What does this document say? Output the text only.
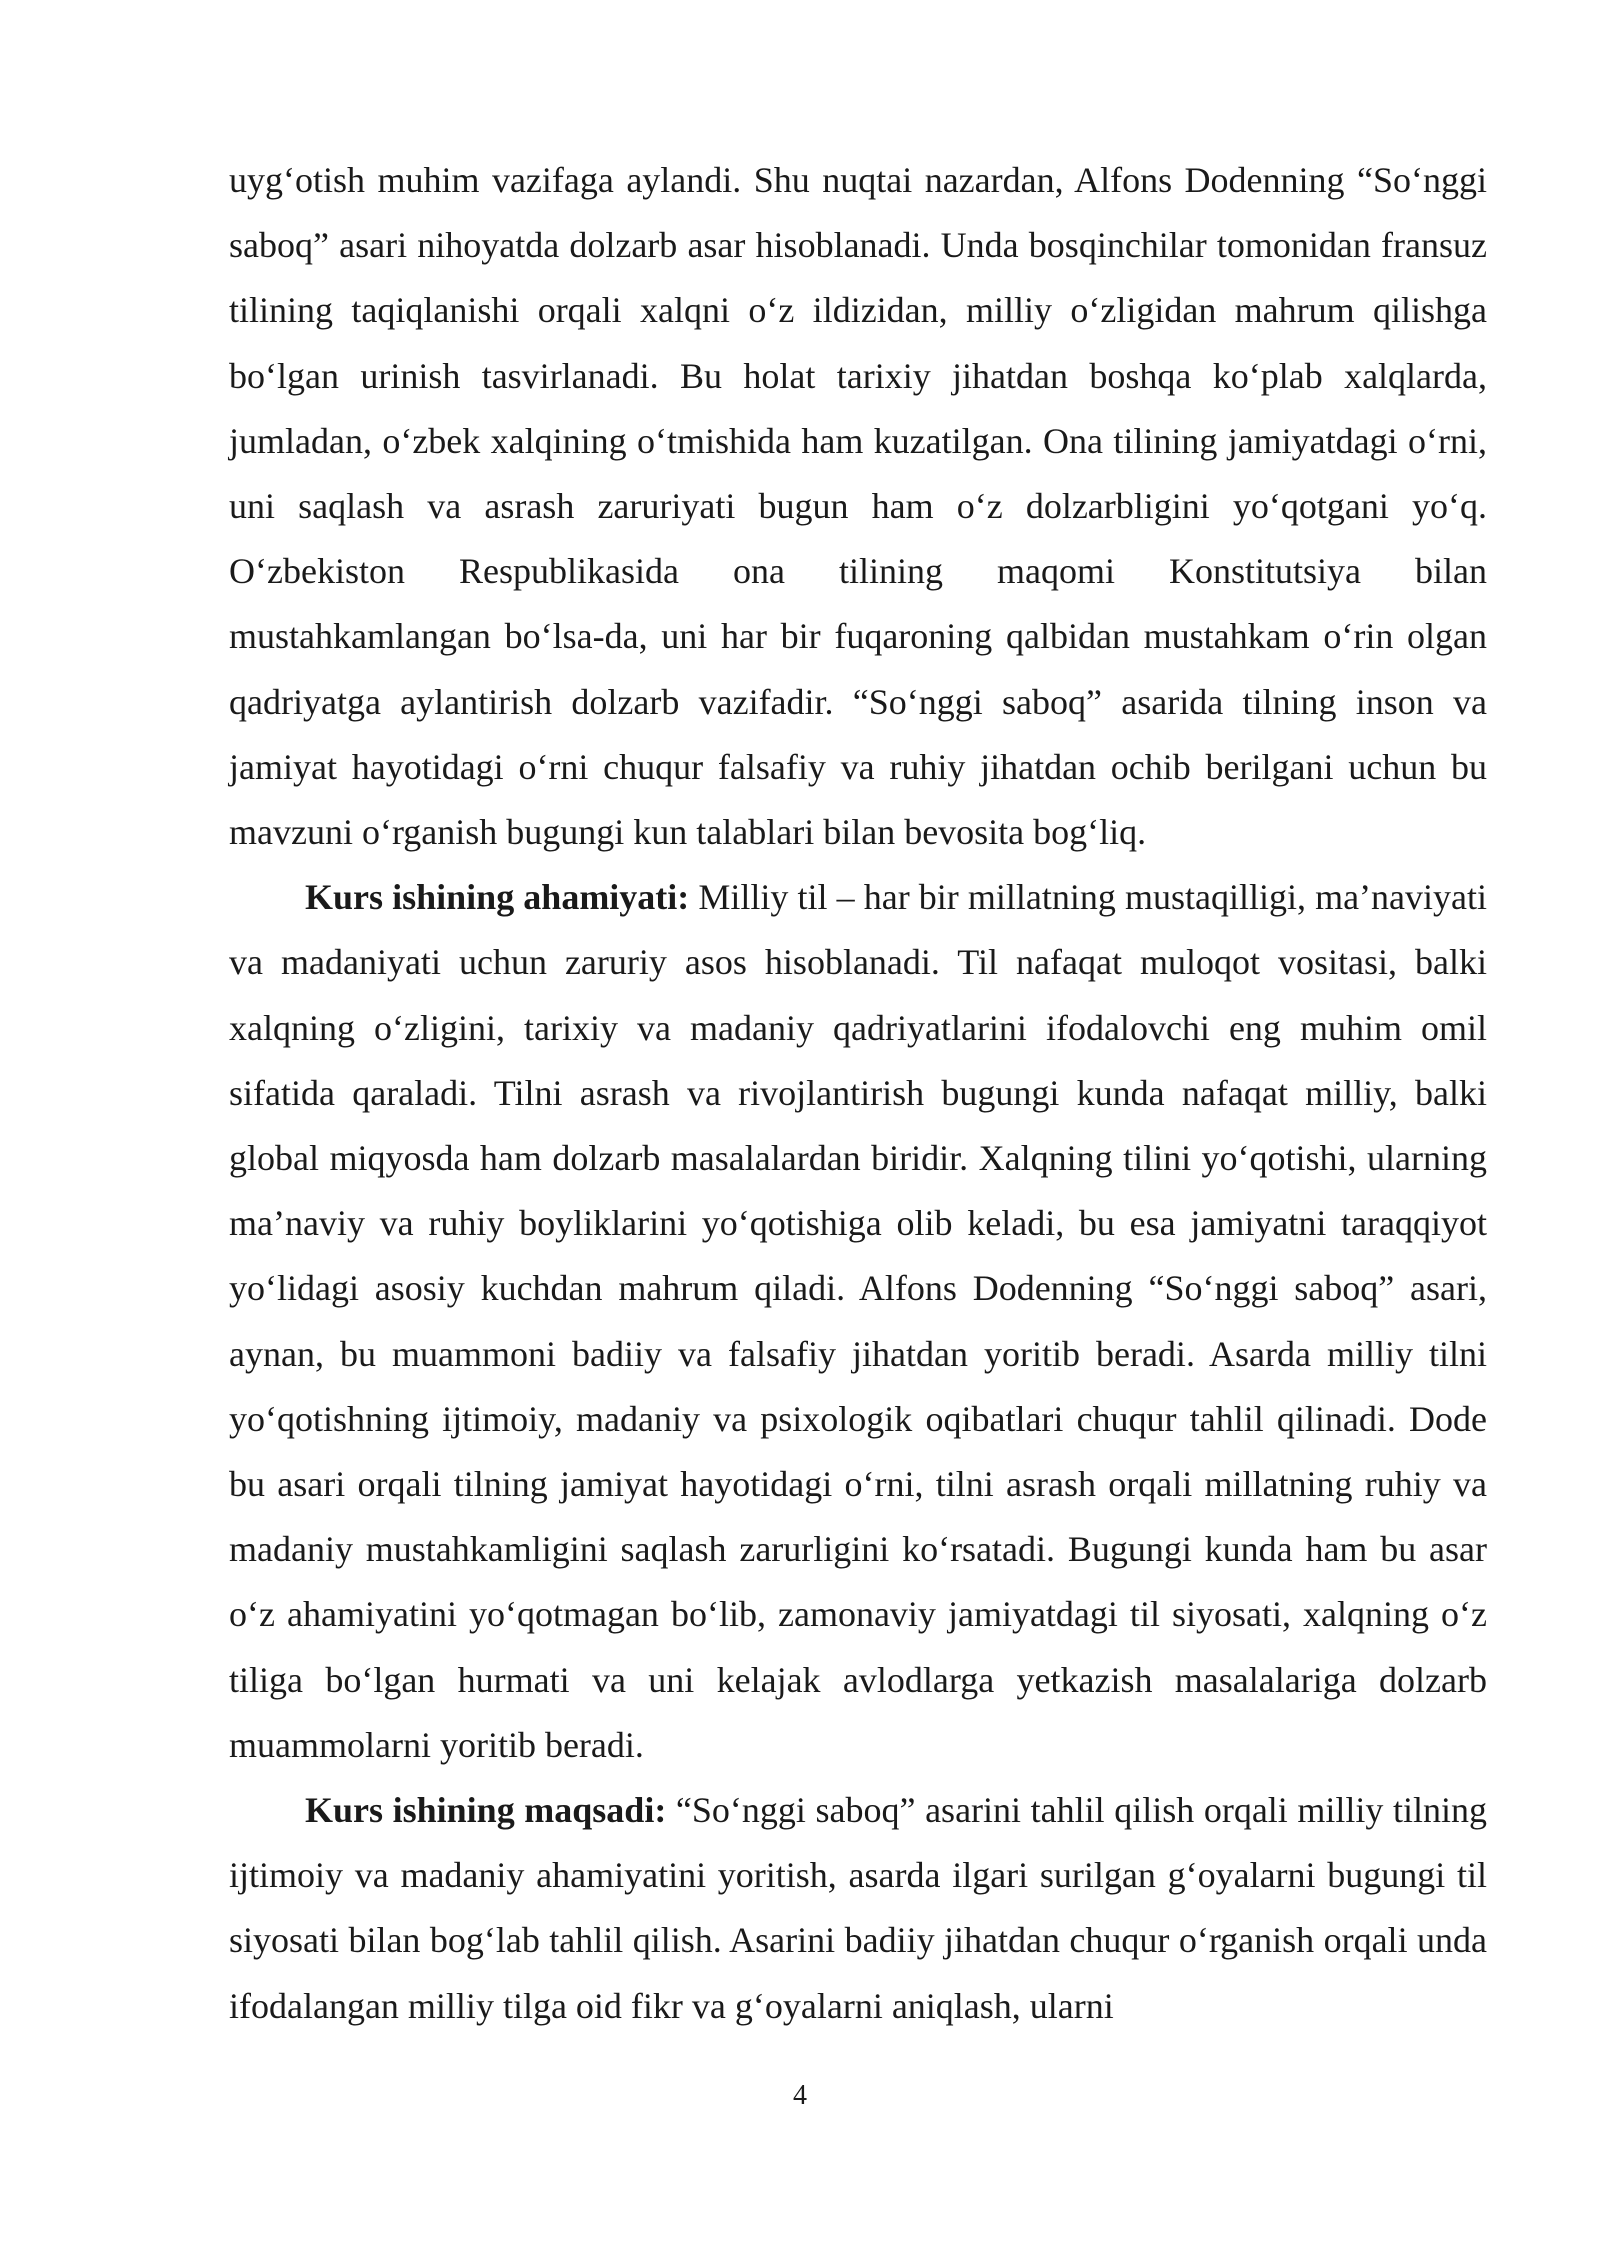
uyg‘otish muhim vazifaga aylandi. Shu nuqtai nazardan, Alfons Dodenning “So‘nggi saboq” asari nihoyatda dolzarb asar hisoblanadi. Unda bosqinchilar tomonidan fransuz tilining taqiqlanishi orqali xalqni o‘z ildizidan, milliy o‘zligidan mahrum qilishga bo‘lgan urinish tasvirlanadi. Bu holat tarixiy jihatdan boshqa ko‘plab xalqlarda, jumladan, o‘zbek xalqining o‘tmishida ham kuzatilgan. Ona tilining jamiyatdagi o‘rni, uni saqlash va asrash zaruriyati bugun ham o‘z dolzarbligini yo‘qotgani yo‘q. O‘zbekiston Respublikasida ona tilining maqomi Konstitutsiya bilan mustahkamlangan bo‘lsa-da, uni har bir fuqaroning qalbidan mustahkam o‘rin olgan qadriyatga aylantirish dolzarb vazifadir. “So‘nggi saboq” asarida tilning inson va jamiyat hayotidagi o‘rni chuqur falsafiy va ruhiy jihatdan ochib berilgani uchun bu mavzuni o‘rganish bugungi kun talablari bilan bevosita bog‘liq.

Kurs ishining ahamiyati: Milliy til – har bir millatning mustaqilligi, ma’naviyati va madaniyati uchun zaruriy asos hisoblanadi. Til nafaqat muloqot vositasi, balki xalqning o‘zligini, tarixiy va madaniy qadriyatlarini ifodalovchi eng muhim omil sifatida qaraladi. Tilni asrash va rivojlantirish bugungi kunda nafaqat milliy, balki global miqyosda ham dolzarb masalalardan biridir. Xalqning tilini yo‘qotishi, ularning ma’naviy va ruhiy boyliklarini yo‘qotishiga olib keladi, bu esa jamiyatni taraqqiyot yo‘lidagi asosiy kuchdan mahrum qiladi. Alfons Dodenning “So‘nggi saboq” asari, aynan, bu muammoni badiiy va falsafiy jihatdan yoritib beradi. Asarda milliy tilni yo‘qotishning ijtimoiy, madaniy va psixologik oqibatlari chuqur tahlil qilinadi. Dode bu asari orqali tilning jamiyat hayotidagi o‘rni, tilni asrash orqali millatning ruhiy va madaniy mustahkamligini saqlash zarurligini ko‘rsatadi. Bugungi kunda ham bu asar o‘z ahamiyatini yo‘qotmagan bo‘lib, zamonaviy jamiyatdagi til siyosati, xalqning o‘z tiliga bo‘lgan hurmati va uni kelajak avlodlarga yetkazish masalalariga dolzarb muammolarni yoritib beradi.

Kurs ishining maqsadi: “So‘nggi saboq” asarini tahlil qilish orqali milliy tilning ijtimoiy va madaniy ahamiyatini yoritish, asarda ilgari surilgan g‘oyalarni bugungi til siyosati bilan bog‘lab tahlil qilish. Asarini badiiy jihatdan chuqur o‘rganish orqali unda ifodalangan milliy tilga oid fikr va g‘oyalarni aniqlash, ularni

4
